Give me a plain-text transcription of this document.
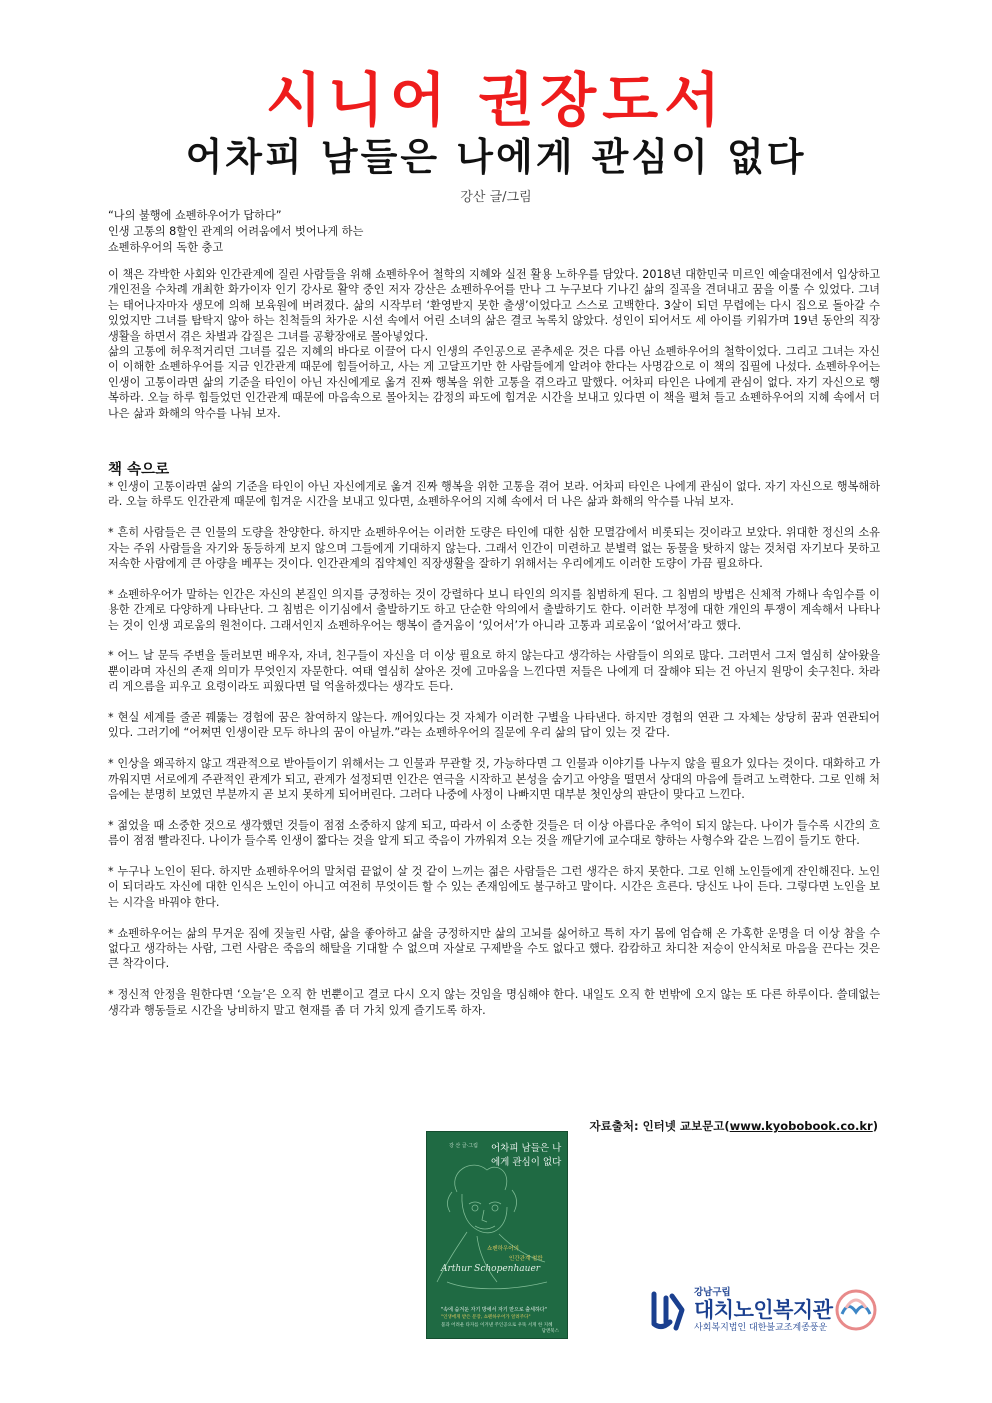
시니어 권장도서
어차피 남들은 나에게 관심이 없다
강산 글/그림
“나의 불행에 쇼펜하우어가 답하다”
인생 고통의 8할인 관계의 어려움에서 벗어나게 하는
쇼펜하우어의 독한 충고

이 책은 각박한 사회와 인간관계에 질린 사람들을 위해 쇼펜하우어 철학의 지혜와 실전 활용 노하우를 담았다. 2018년 대한민국 미르인 예술대전에서 입상하고 개인전을 수차례 개최한 화가이자 인기 강사로 활약 중인 저자 강산은 쇼펜하우어를 만나 그 누구보다 기나긴 삶의 질곡을 견뎌내고 꿈을 이룰 수 있었다. 그녀는 태어나자마자 생모에 의해 보육원에 버려졌다. 삶의 시작부터 ‘환영받지 못한 출생’이었다고 스스로 고백한다. 3살이 되던 무렵에는 다시 집으로 돌아갈 수 있었지만 그녀를 탐탁지 않아 하는 친척들의 차가운 시선 속에서 어린 소녀의 삶은 결코 녹록치 않았다. 성인이 되어서도 세 아이를 키워가며 19년 동안의 직장생활을 하면서 겪은 차별과 갑질은 그녀를 공황장애로 몰아넣었다.

삶의 고통에 허우적거리던 그녀를 깊은 지혜의 바다로 이끌어 다시 인생의 주인공으로 곧추세운 것은 다름 아닌 쇼펜하우어의 철학이었다. 그리고 그녀는 자신이 이해한 쇼펜하우어를 지금 인간관계 때문에 힘들어하고, 사는 게 고달프기만 한 사람들에게 알려야 한다는 사명감으로 이 책의 집필에 나섰다. 쇼펜하우어는 인생이 고통이라면 삶의 기준을 타인이 아닌 자신에게로 옮겨 진짜 행복을 위한 고통을 겪으라고 말했다. 어차피 타인은 나에게 관심이 없다. 자기 자신으로 행복하라. 오늘 하루 힘들었던 인간관계 때문에 마음속으로 몰아치는 감정의 파도에 힘겨운 시간을 보내고 있다면 이 책을 펼쳐 들고 쇼펜하우어의 지혜 속에서 더 나은 삶과 화해의 악수를 나눠 보자.

책 속으로

* 인생이 고통이라면 삶의 기준을 타인이 아닌 자신에게로 옮겨 진짜 행복을 위한 고통을 겪어 보라. 어차피 타인은 나에게 관심이 없다. 자기 자신으로 행복해하라. 오늘 하루도 인간관계 때문에 힘겨운 시간을 보내고 있다면, 쇼펜하우어의 지혜 속에서 더 나은 삶과 화해의 악수를 나눠 보자.

* 흔히 사람들은 큰 인물의 도량을 찬양한다. 하지만 쇼펜하우어는 이러한 도량은 타인에 대한 심한 모멸감에서 비롯되는 것이라고 보았다. 위대한 정신의 소유자는 주위 사람들을 자기와 동등하게 보지 않으며 그들에게 기대하지 않는다. 그래서 인간이 미련하고 분별력 없는 동물을 탓하지 않는 것처럼 자기보다 못하고 저속한 사람에게 큰 아량을 베푸는 것이다. 인간관계의 집약체인 직장생활을 잘하기 위해서는 우리에게도 이러한 도량이 가끔 필요하다.

* 쇼펜하우어가 말하는 인간은 자신의 본질인 의지를 긍정하는 것이 강렬하다 보니 타인의 의지를 침범하게 된다. 그 침범의 방법은 신체적 가해나 속임수를 이용한 간계로 다양하게 나타난다. 그 침범은 이기심에서 출발하기도 하고 단순한 악의에서 출발하기도 한다. 이러한 부정에 대한 개인의 투쟁이 계속해서 나타나는 것이 인생 괴로움의 원천이다. 그래서인지 쇼펜하우어는 행복이 즐거움이 ‘있어서’가 아니라 고통과 괴로움이 ‘없어서’라고 했다.

* 어느 날 문득 주변을 둘러보면 배우자, 자녀, 친구들이 자신을 더 이상 필요로 하지 않는다고 생각하는 사람들이 의외로 많다. 그러면서 그저 열심히 살아왔을 뿐이라며 자신의 존재 의미가 무엇인지 자문한다. 여태 열심히 살아온 것에 고마움을 느낀다면 저들은 나에게 더 잘해야 되는 건 아닌지 원망이 솟구친다. 차라리 게으름을 피우고 요령이라도 피웠다면 덜 억울하겠다는 생각도 든다.

* 현실 세계를 줄곧 꿰뚫는 경험에 꿈은 참여하지 않는다. 깨어있다는 것 자체가 이러한 구별을 나타낸다. 하지만 경험의 연관 그 자체는 상당히 꿈과 연관되어 있다. 그러기에 “어쩌면 인생이란 모두 하나의 꿈이 아닐까.”라는 쇼펜하우어의 질문에 우리 삶의 답이 있는 것 같다.

* 인상을 왜곡하지 않고 객관적으로 받아들이기 위해서는 그 인물과 무관할 것, 가능하다면 그 인물과 이야기를 나누지 않을 필요가 있다는 것이다. 대화하고 가까워지면 서로에게 주관적인 관계가 되고, 관계가 설정되면 인간은 연극을 시작하고 본성을 숨기고 아양을 떨면서 상대의 마음에 들려고 노력한다. 그로 인해 처음에는 분명히 보였던 부분까지 곧 보지 못하게 되어버린다. 그러다 나중에 사정이 나빠지면 대부분 첫인상의 판단이 맞다고 느낀다.

* 젊었을 때 소중한 것으로 생각했던 것들이 점점 소중하지 않게 되고, 따라서 이 소중한 것들은 더 이상 아름다운 추억이 되지 않는다. 나이가 들수록 시간의 흐름이 점점 빨라진다. 나이가 들수록 인생이 짧다는 것을 알게 되고 죽음이 가까워져 오는 것을 깨닫기에 교수대로 향하는 사형수와 같은 느낌이 들기도 한다.

* 누구나 노인이 된다. 하지만 쇼펜하우어의 말처럼 끝없이 살 것 같이 느끼는 젊은 사람들은 그런 생각은 하지 못한다. 그로 인해 노인들에게 잔인해진다. 노인이 되더라도 자신에 대한 인식은 노인이 아니고 여전히 무엇이든 할 수 있는 존재임에도 불구하고 말이다. 시간은 흐른다. 당신도 나이 든다. 그렇다면 노인을 보는 시각을 바꿔야 한다.

* 쇼펜하우어는 삶의 무거운 짐에 짓눌린 사람, 삶을 좋아하고 삶을 긍정하지만 삶의 고뇌를 싫어하고 특히 자기 몸에 엄습해 온 가혹한 운명을 더 이상 참을 수 없다고 생각하는 사람, 그런 사람은 죽음의 해탈을 기대할 수 없으며 자살로 구제받을 수도 없다고 했다. 캄캄하고 차디찬 저승이 안식처로 마음을 끈다는 것은 큰 착각이다.

* 정신적 안정을 원한다면 ‘오늘’은 오직 한 번뿐이고 결코 다시 오지 않는 것임을 명심해야 한다. 내일도 오직 한 번밖에 오지 않는 또 다른 하루이다. 쓸데없는 생각과 행동들로 시간을 낭비하지 말고 현재를 좀 더 가치 있게 즐기도록 하자.

자료출처: 인터넷 교보문고(www.kyobobook.co.kr)
강 산 글·그림 어차피 남들은 나에게 관심이 없다
쇼펜하우어의
인간관계 철학
Arthur Schopenhauer
"속에 숨겨둔 자기 방에서 자기 만으로 출세하다"
"인생에게 받은 문장, 쇼펜하우어가 알려주다"
불과 어려운 타자를 이겨낸 주인공으로 우뚝 서게 한 지혜
담앤북스
강남구립
대치노인복지관
사회복지법인 대한불교조계종풍운
